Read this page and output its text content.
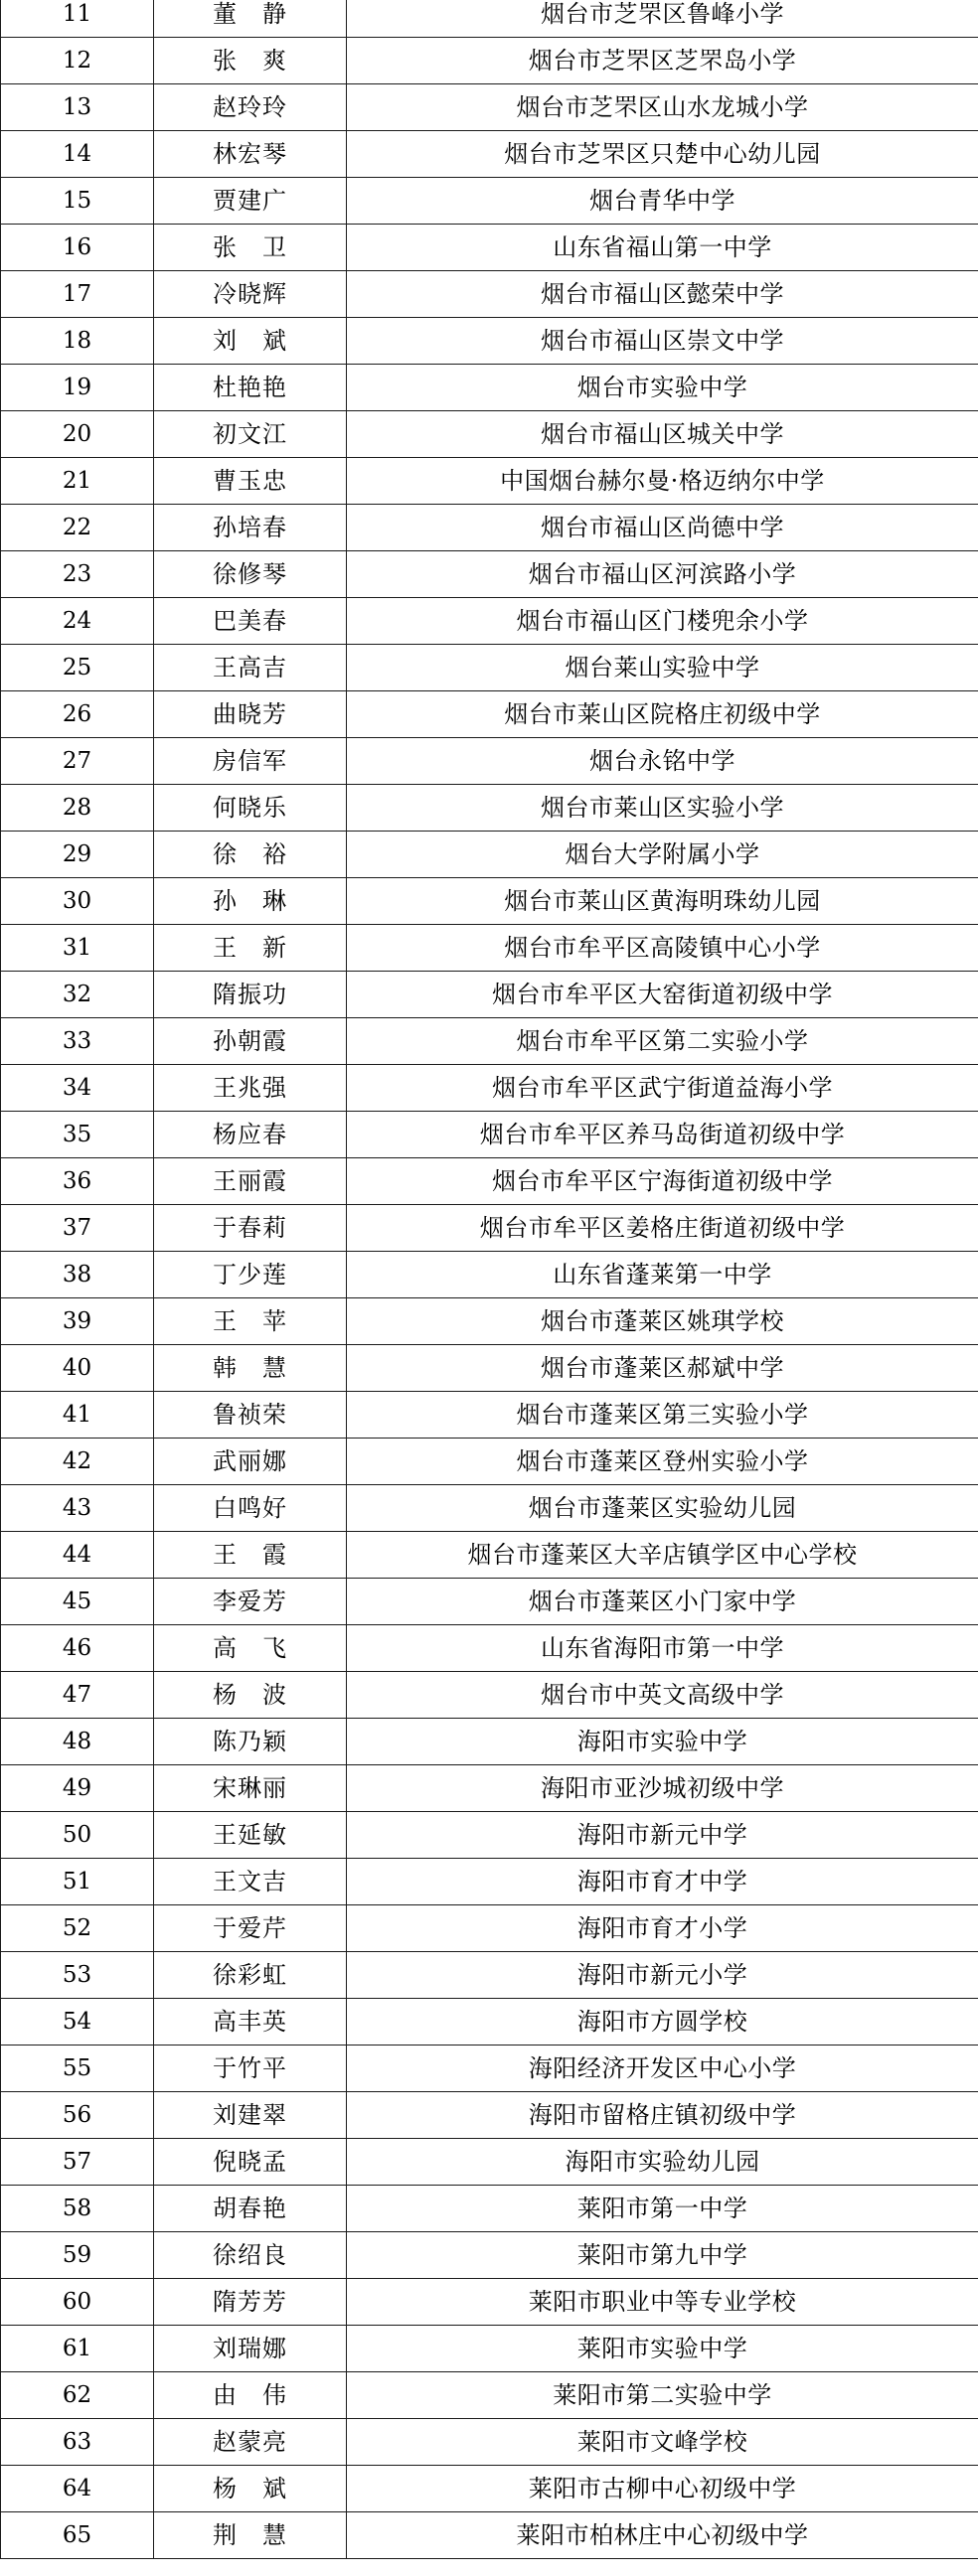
11	董　静	烟台市芝罘区鲁峰小学
12	张　爽	烟台市芝罘区芝罘岛小学
13	赵玲玲	烟台市芝罘区山水龙城小学
14	林宏琴	烟台市芝罘区只楚中心幼儿园
15	贾建广	烟台青华中学
16	张　卫	山东省福山第一中学
17	冷晓辉	烟台市福山区懿荣中学
18	刘　斌	烟台市福山区崇文中学
19	杜艳艳	烟台市实验中学
20	初文江	烟台市福山区城关中学
21	曹玉忠	中国烟台赫尔曼·格迈纳尔中学
22	孙培春	烟台市福山区尚德中学
23	徐修琴	烟台市福山区河滨路小学
24	巴美春	烟台市福山区门楼兜余小学
25	王高吉	烟台莱山实验中学
26	曲晓芳	烟台市莱山区院格庄初级中学
27	房信军	烟台永铭中学
28	何晓乐	烟台市莱山区实验小学
29	徐　裕	烟台大学附属小学
30	孙　琳	烟台市莱山区黄海明珠幼儿园
31	王　新	烟台市牟平区高陵镇中心小学
32	隋振功	烟台市牟平区大窑街道初级中学
33	孙朝霞	烟台市牟平区第二实验小学
34	王兆强	烟台市牟平区武宁街道益海小学
35	杨应春	烟台市牟平区养马岛街道初级中学
36	王丽霞	烟台市牟平区宁海街道初级中学
37	于春莉	烟台市牟平区姜格庄街道初级中学
38	丁少莲	山东省蓬莱第一中学
39	王　苹	烟台市蓬莱区姚琪学校
40	韩　慧	烟台市蓬莱区郝斌中学
41	鲁祯荣	烟台市蓬莱区第三实验小学
42	武丽娜	烟台市蓬莱区登州实验小学
43	白鸣好	烟台市蓬莱区实验幼儿园
44	王　霞	烟台市蓬莱区大辛店镇学区中心学校
45	李爱芳	烟台市蓬莱区小门家中学
46	高　飞	山东省海阳市第一中学
47	杨　波	烟台市中英文高级中学
48	陈乃颖	海阳市实验中学
49	宋琳丽	海阳市亚沙城初级中学
50	王延敏	海阳市新元中学
51	王文吉	海阳市育才中学
52	于爱芹	海阳市育才小学
53	徐彩虹	海阳市新元小学
54	高丰英	海阳市方圆学校
55	于竹平	海阳经济开发区中心小学
56	刘建翠	海阳市留格庄镇初级中学
57	倪晓孟	海阳市实验幼儿园
58	胡春艳	莱阳市第一中学
59	徐绍良	莱阳市第九中学
60	隋芳芳	莱阳市职业中等专业学校
61	刘瑞娜	莱阳市实验中学
62	由　伟	莱阳市第二实验中学
63	赵蒙亮	莱阳市文峰学校
64	杨　斌	莱阳市古柳中心初级中学
65	荆　慧	莱阳市柏林庄中心初级中学
